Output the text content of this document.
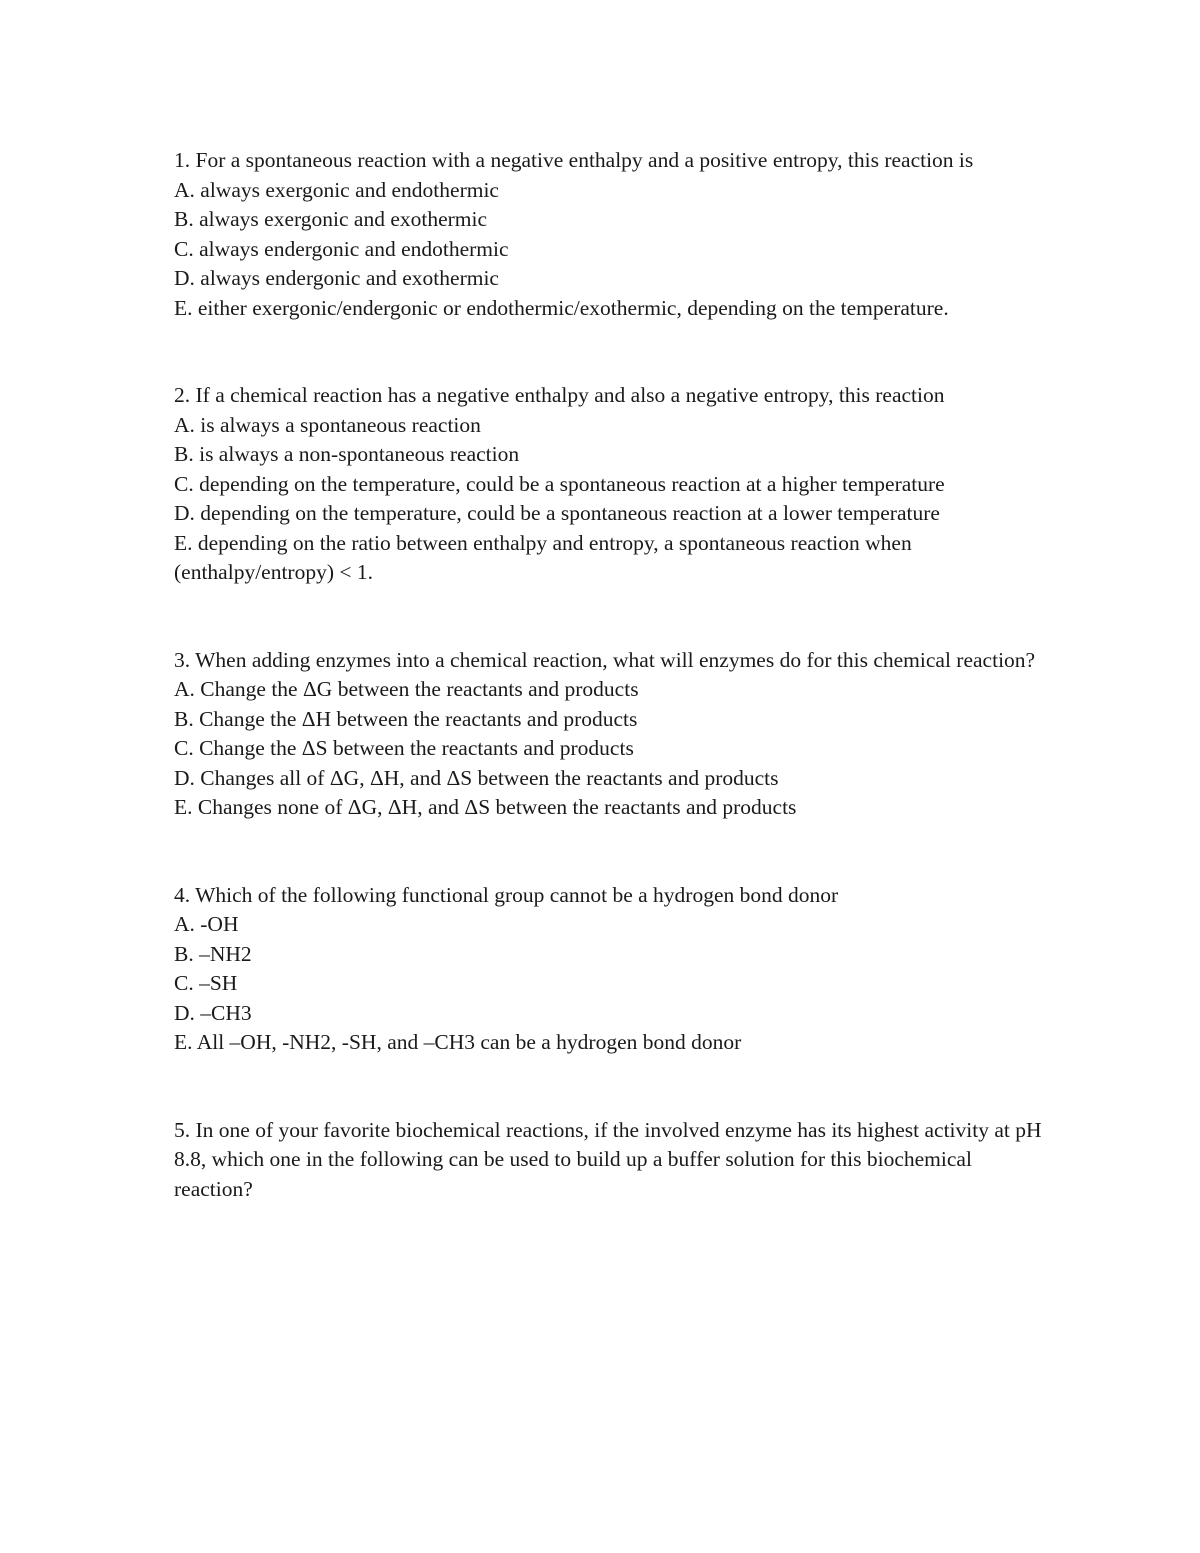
1. For a spontaneous reaction with a negative enthalpy and a positive entropy, this reaction is

A. always exergonic and endothermic

B. always exergonic and exothermic

C. always endergonic and endothermic

D. always endergonic and exothermic

E. either exergonic/endergonic or endothermic/exothermic, depending on the temperature.

2. If a chemical reaction has a negative enthalpy and also a negative entropy, this reaction

A. is always a spontaneous reaction

B. is always a non-spontaneous reaction

C. depending on the temperature, could be a spontaneous reaction at a higher temperature

D. depending on the temperature, could be a spontaneous reaction at a lower temperature

E. depending on the ratio between enthalpy and entropy, a spontaneous reaction when (enthalpy/entropy) < 1.

3. When adding enzymes into a chemical reaction, what will enzymes do for this chemical reaction?

A. Change the ΔG between the reactants and products

B. Change the ΔH between the reactants and products

C. Change the ΔS between the reactants and products

D. Changes all of ΔG, ΔH, and ΔS between the reactants and products

E. Changes none of ΔG, ΔH, and ΔS between the reactants and products

4. Which of the following functional group cannot be a hydrogen bond donor

A. -OH

B. –NH2

C. –SH

D. –CH3

E. All –OH, -NH2, -SH, and –CH3 can be a hydrogen bond donor

5. In one of your favorite biochemical reactions, if the involved enzyme has its highest activity at pH 8.8, which one in the following can be used to build up a buffer solution for this biochemical reaction?
